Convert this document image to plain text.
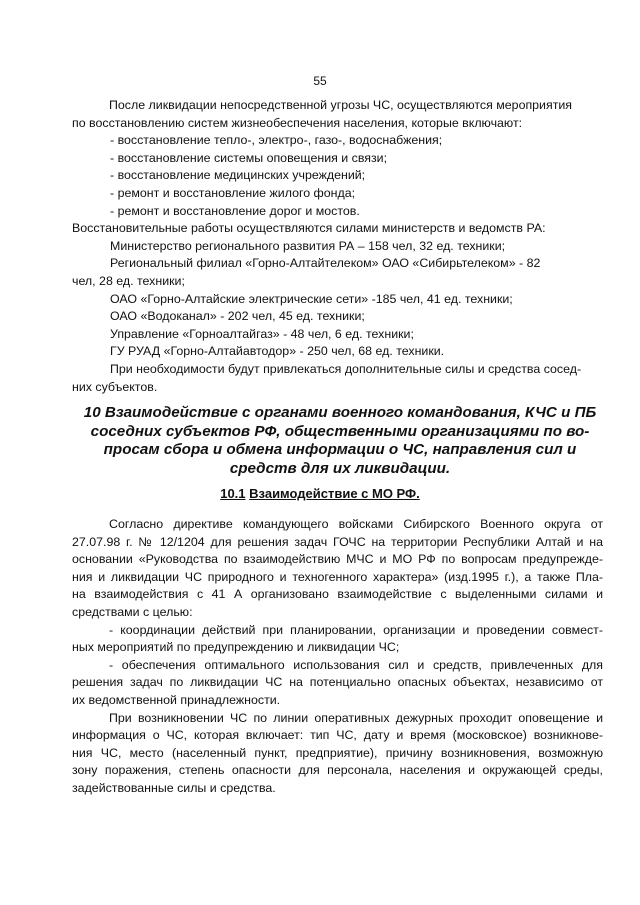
55
После ликвидации непосредственной угрозы ЧС, осуществляются мероприятия
по восстановлению систем жизнеобеспечения населения, которые включают:
- восстановление тепло-, электро-, газо-, водоснабжения;
- восстановление системы оповещения и связи;
- восстановление медицинских учреждений;
- ремонт и восстановление жилого фонда;
- ремонт и восстановление дорог и мостов.
Восстановительные работы осуществляются силами министерств и ведомств РА:
Министерство регионального развития РА – 158 чел, 32 ед. техники;
Региональный филиал «Горно-Алтайтелеком» ОАО «Сибирьтелеком» - 82
чел, 28 ед. техники;
ОАО «Горно-Алтайские электрические сети» -185 чел, 41 ед. техники;
ОАО «Водоканал» - 202 чел, 45 ед. техники;
Управление «Горноалтайгаз» - 48 чел, 6 ед. техники;
ГУ РУАД «Горно-Алтайавтодор» - 250 чел, 68 ед. техники.
При необходимости будут привлекаться дополнительные силы и средства сосед-
них субъектов.
10 Взаимодействие с органами военного командования, КЧС и ПБ
соседних субъектов РФ, общественными организациями по во-
просам сбора и обмена информации о ЧС, направления сил и
средств для их ликвидации.
10.1 Взаимодействие с МО РФ.
Согласно директиве командующего войсками Сибирского Военного округа от
27.07.98 г. № 12/1204 для решения задач ГОЧС на территории Республики Алтай и на
основании «Руководства по взаимодействию МЧС и МО РФ по вопросам предупрежде-
ния и ликвидации ЧС природного и техногенного характера» (изд.1995 г.), а также Пла-
на взаимодействия с 41 А организовано взаимодействие с выделенными силами и
средствами с целью:
- координации действий при планировании, организации и проведении совмест-
ных мероприятий по предупреждению и ликвидации ЧС;
- обеспечения оптимального использования сил и средств, привлеченных для
решения задач по ликвидации ЧС на потенциально опасных объектах, независимо от
их ведомственной принадлежности.
При возникновении ЧС по линии оперативных дежурных проходит оповещение и
информация о ЧС, которая включает: тип ЧС, дату и время (московское) возникнове-
ния ЧС, место (населенный пункт, предприятие), причину возникновения, возможную
зону поражения, степень опасности для персонала, населения и окружающей среды,
задействованные силы и средства.
